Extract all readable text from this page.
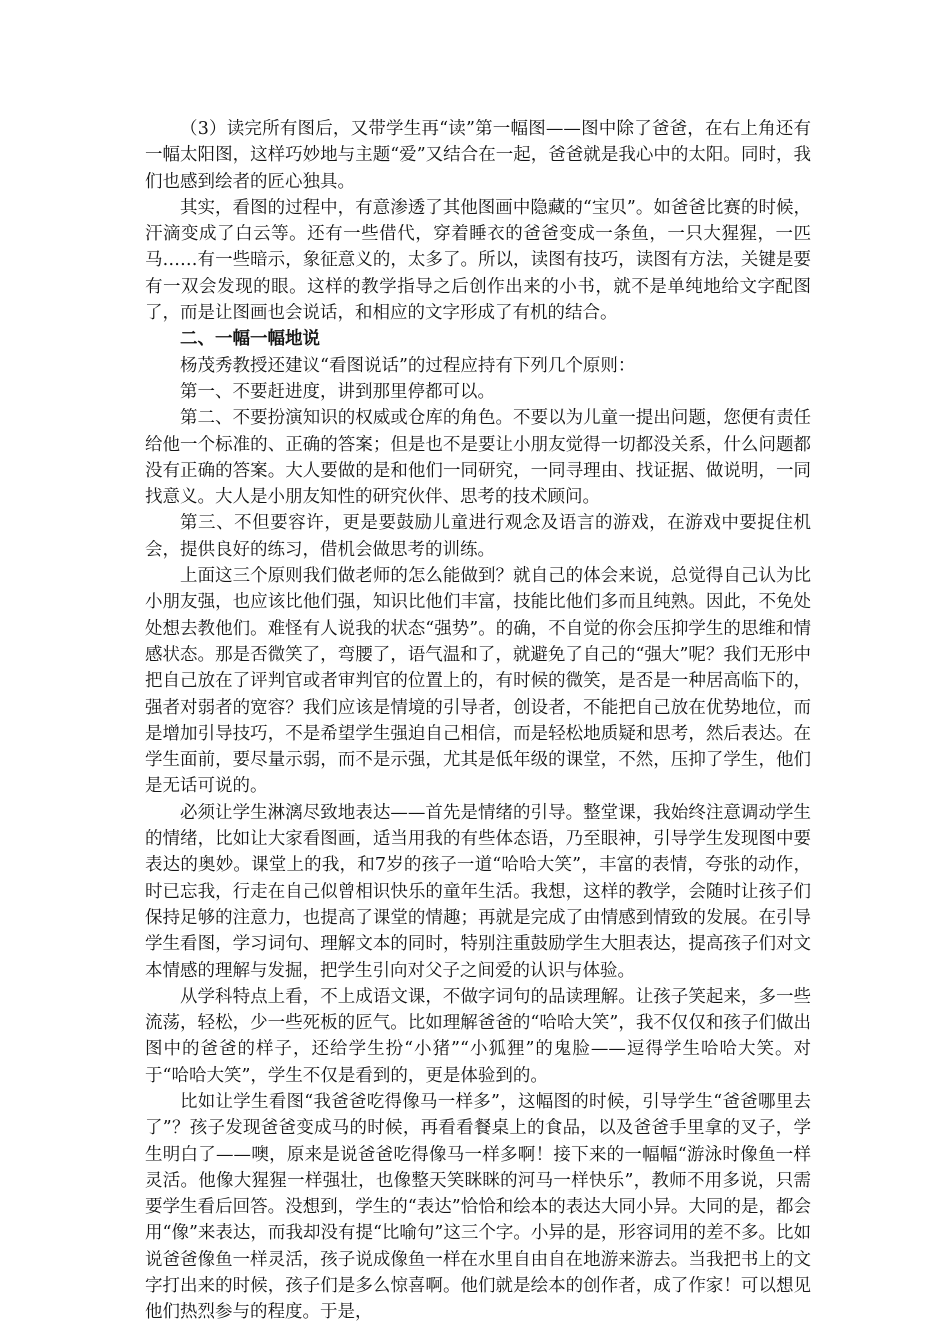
（3）读完所有图后，又带学生再“读”第一幅图——图中除了爸爸，在右上角还有一幅太阳图，这样巧妙地与主题“爱”又结合在一起，爸爸就是我心中的太阳。同时，我们也感到绘者的匠心独具。

其实，看图的过程中，有意渗透了其他图画中隐藏的“宝贝”。如爸爸比赛的时候，汗滴变成了白云等。还有一些借代，穿着睡衣的爸爸变成一条鱼，一只大猩猩，一匹马……有一些暗示，象征意义的，太多了。所以，读图有技巧，读图有方法，关键是要有一双会发现的眼。这样的教学指导之后创作出来的小书，就不是单纯地给文字配图了，而是让图画也会说话，和相应的文字形成了有机的结合。

二、一幅一幅地说

杨茂秀教授还建议“看图说话”的过程应持有下列几个原则：

第一、不要赶进度，讲到那里停都可以。

第二、不要扮演知识的权威或仓库的角色。不要以为儿童一提出问题，您便有责任给他一个标准的、正确的答案；但是也不是要让小朋友觉得一切都没关系，什么问题都没有正确的答案。大人要做的是和他们一同研究，一同寻理由、找证据、做说明，一同找意义。大人是小朋友知性的研究伙伴、思考的技术顾问。

第三、不但要容许，更是要鼓励儿童进行观念及语言的游戏，在游戏中要捉住机会，提供良好的练习，借机会做思考的训练。

上面这三个原则我们做老师的怎么能做到？就自己的体会来说，总觉得自己认为比小朋友强，也应该比他们强，知识比他们丰富，技能比他们多而且纯熟。因此，不免处处想去教他们。难怪有人说我的状态“强势”。的确，不自觉的你会压抑学生的思维和情感状态。那是否微笑了，弯腰了，语气温和了，就避免了自己的“强大”呢？我们无形中把自己放在了评判官或者审判官的位置上的，有时候的微笑，是否是一种居高临下的，强者对弱者的宽容？我们应该是情境的引导者，创设者，不能把自己放在优势地位，而是增加引导技巧，不是希望学生强迫自己相信，而是轻松地质疑和思考，然后表达。在学生面前，要尽量示弱，而不是示强，尤其是低年级的课堂，不然，压抑了学生，他们是无话可说的。

必须让学生淋漓尽致地表达——首先是情绪的引导。整堂课，我始终注意调动学生的情绪，比如让大家看图画，适当用我的有些体态语，乃至眼神，引导学生发现图中要表达的奥妙。课堂上的我，和7岁的孩子一道“哈哈大笑”，丰富的表情，夸张的动作，时已忘我，行走在自己似曾相识快乐的童年生活。我想，这样的教学，会随时让孩子们保持足够的注意力，也提高了课堂的情趣；再就是完成了由情感到情致的发展。在引导学生看图，学习词句、理解文本的同时，特别注重鼓励学生大胆表达，提高孩子们对文本情感的理解与发掘，把学生引向对父子之间爱的认识与体验。

从学科特点上看，不上成语文课，不做字词句的品读理解。让孩子笑起来，多一些流荡，轻松，少一些死板的匠气。比如理解爸爸的“哈哈大笑”，我不仅仅和孩子们做出图中的爸爸的样子，还给学生扮“小猪”“小狐狸”的鬼脸——逗得学生哈哈大笑。对于“哈哈大笑”，学生不仅是看到的，更是体验到的。

比如让学生看图“我爸爸吃得像马一样多”，这幅图的时候，引导学生“爸爸哪里去了”？孩子发现爸爸变成马的时候，再看看餐桌上的食品，以及爸爸手里拿的叉子，学生明白了——噢，原来是说爸爸吃得像马一样多啊！接下来的一幅幅“游泳时像鱼一样灵活。他像大猩猩一样强壮，也像整天笑眯眯的河马一样快乐”，教师不用多说，只需要学生看后回答。没想到，学生的“表达”恰恰和绘本的表达大同小异。大同的是，都会用“像”来表达，而我却没有提“比喻句”这三个字。小异的是，形容词用的差不多。比如说爸爸像鱼一样灵活，孩子说成像鱼一样在水里自由自在地游来游去。当我把书上的文字打出来的时候，孩子们是多么惊喜啊。他们就是绘本的创作者，成了作家！可以想见他们热烈参与的程度。于是，
